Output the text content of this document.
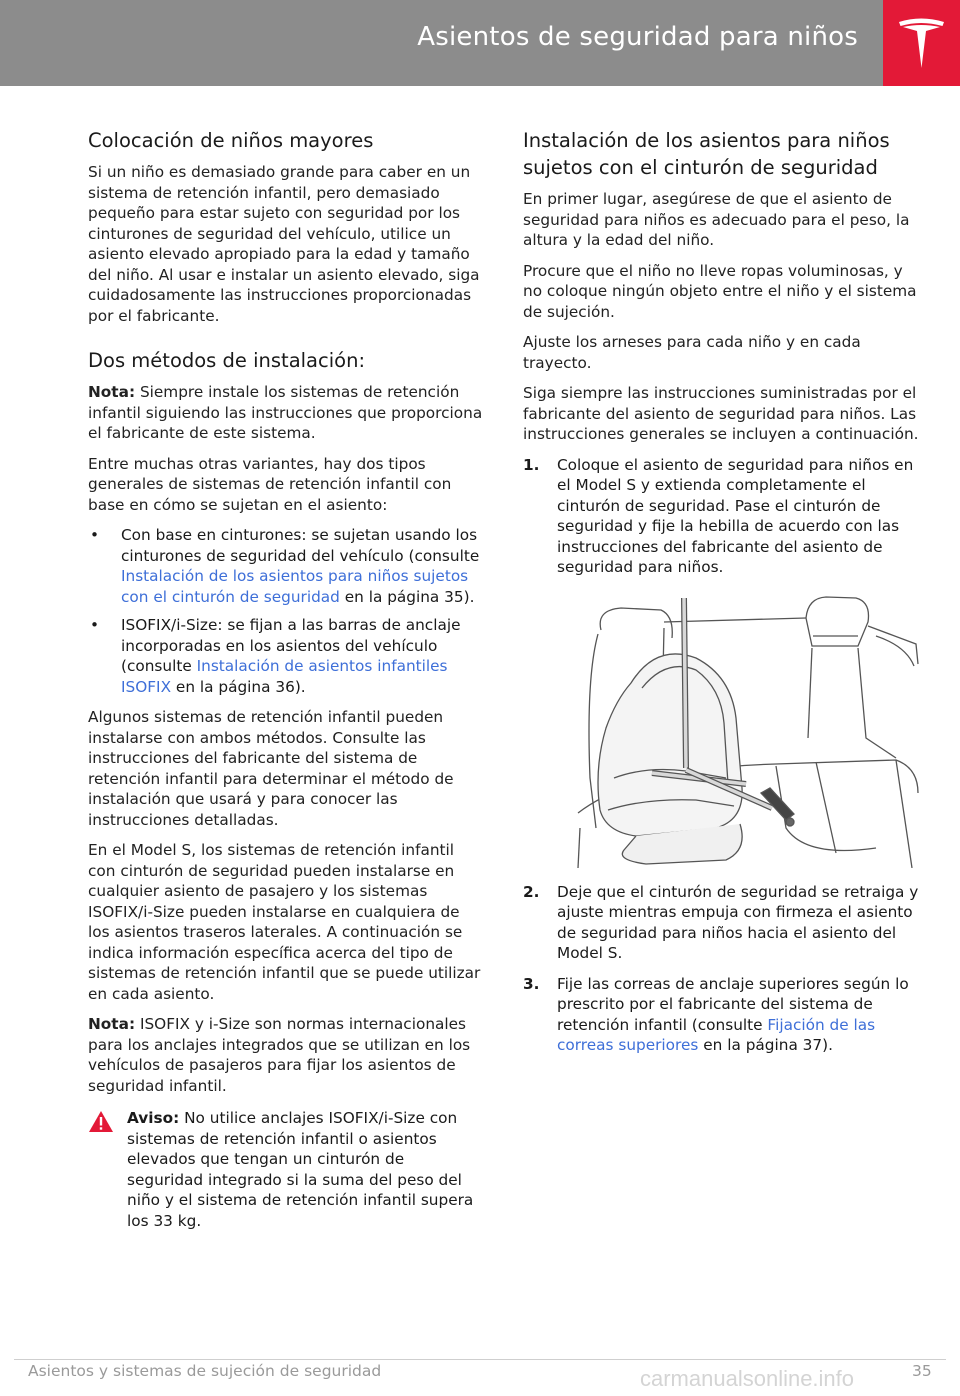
Asientos de seguridad para niños
Colocación de niños mayores

Si un niño es demasiado grande para caber en un sistema de retención infantil, pero demasiado pequeño para estar sujeto con seguridad por los cinturones de seguridad del vehículo, utilice un asiento elevado apropiado para la edad y tamaño del niño. Al usar e instalar un asiento elevado, siga cuidadosamente las instrucciones proporcionadas por el fabricante.

Dos métodos de instalación:

Nota: Siempre instale los sistemas de retención infantil siguiendo las instrucciones que proporciona el fabricante de este sistema.

Entre muchas otras variantes, hay dos tipos generales de sistemas de retención infantil con base en cómo se sujetan en el asiento:

• Con base en cinturones: se sujetan usando los cinturones de seguridad del vehículo (consulte Instalación de los asientos para niños sujetos con el cinturón de seguridad en la página 35).
• ISOFIX/i-Size: se fijan a las barras de anclaje incorporadas en los asientos del vehículo (consulte Instalación de asientos infantiles ISOFIX en la página 36).

Algunos sistemas de retención infantil pueden instalarse con ambos métodos. Consulte las instrucciones del fabricante del sistema de retención infantil para determinar el método de instalación que usará y para conocer las instrucciones detalladas.

En el Model S, los sistemas de retención infantil con cinturón de seguridad pueden instalarse en cualquier asiento de pasajero y los sistemas ISOFIX/i-Size pueden instalarse en cualquiera de los asientos traseros laterales. A continuación se indica información específica acerca del tipo de sistemas de retención infantil que se puede utilizar en cada asiento.

Nota: ISOFIX y i-Size son normas internacionales para los anclajes integrados que se utilizan en los vehículos de pasajeros para fijar los asientos de seguridad infantil.

Aviso: No utilice anclajes ISOFIX/i-Size con sistemas de retención infantil o asientos elevados que tengan un cinturón de seguridad integrado si la suma del peso del niño y el sistema de retención infantil supera los 33 kg.
Instalación de los asientos para niños sujetos con el cinturón de seguridad

En primer lugar, asegúrese de que el asiento de seguridad para niños es adecuado para el peso, la altura y la edad del niño.

Procure que el niño no lleve ropas voluminosas, y no coloque ningún objeto entre el niño y el sistema de sujeción.

Ajuste los arneses para cada niño y en cada trayecto.

Siga siempre las instrucciones suministradas por el fabricante del asiento de seguridad para niños. Las instrucciones generales se incluyen a continuación.

1. Coloque el asiento de seguridad para niños en el Model S y extienda completamente el cinturón de seguridad. Pase el cinturón de seguridad y fije la hebilla de acuerdo con las instrucciones del fabricante del asiento de seguridad para niños.
2. Deje que el cinturón de seguridad se retraiga y ajuste mientras empuja con firmeza el asiento de seguridad para niños hacia el asiento del Model S.
3. Fije las correas de anclaje superiores según lo prescrito por el fabricante del sistema de retención infantil (consulte Fijación de las correas superiores en la página 37).
Asientos y sistemas de sujeción de seguridad	carmanualsonline.info	35
